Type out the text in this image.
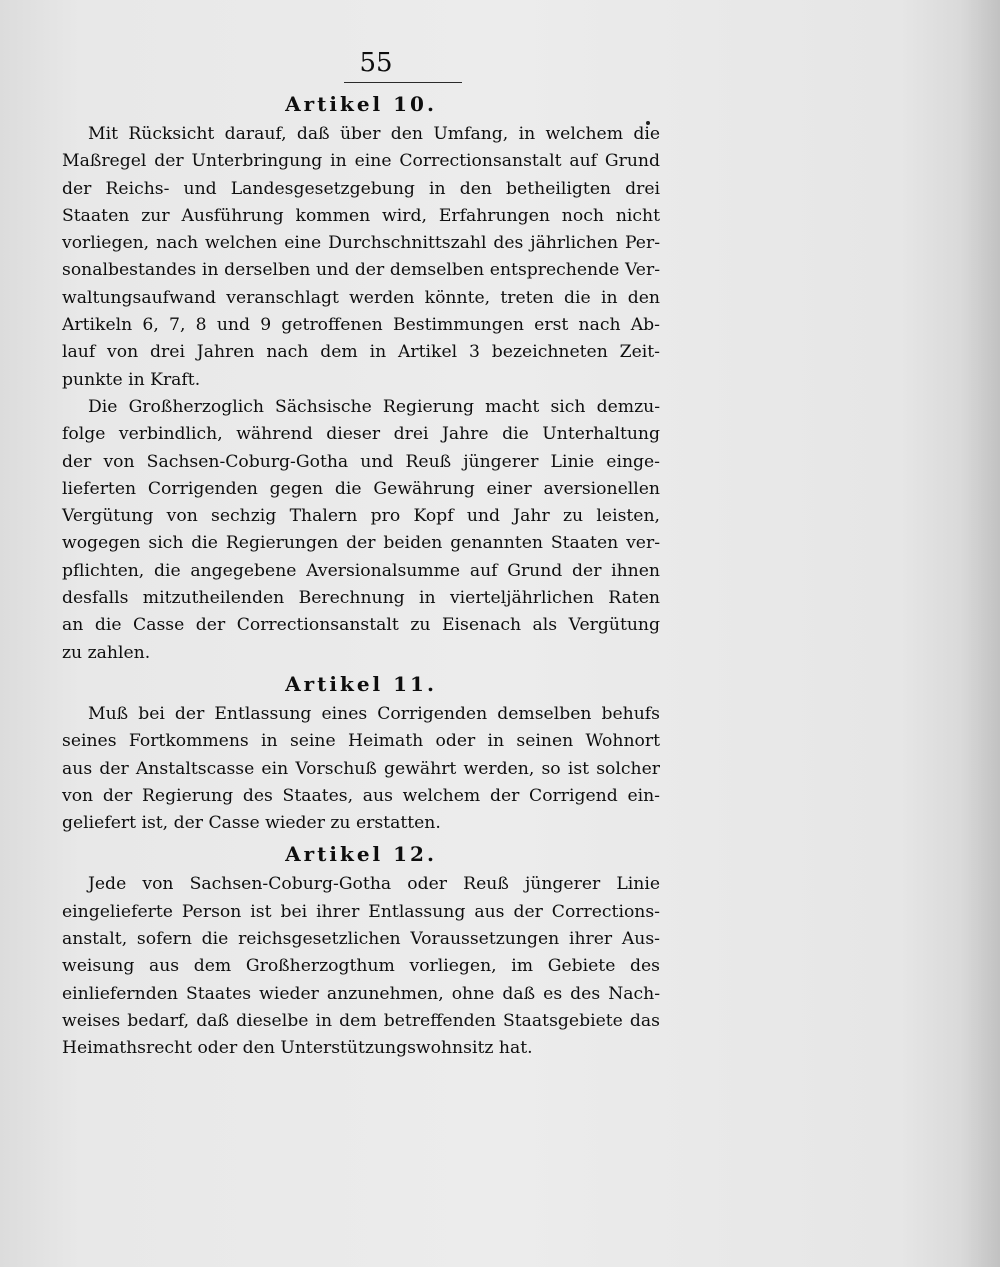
55
Artikel 10.
Mit Rücksicht darauf, daß über den Umfang, in welchem die
Maßregel der Unterbringung in eine Correctionsanstalt auf Grund
der Reichs- und Landesgesetzgebung in den betheiligten drei
Staaten zur Ausführung kommen wird, Erfahrungen noch nicht
vorliegen, nach welchen eine Durchschnittszahl des jährlichen Per-
sonalbestandes in derselben und der demselben entsprechende Ver-
waltungsaufwand veranschlagt werden könnte, treten die in den
Artikeln 6, 7, 8 und 9 getroffenen Bestimmungen erst nach Ab-
lauf von drei Jahren nach dem in Artikel 3 bezeichneten Zeit-
punkte in Kraft.
Die Großherzoglich Sächsische Regierung macht sich demzu-
folge verbindlich, während dieser drei Jahre die Unterhaltung
der von Sachsen-Coburg-Gotha und Reuß jüngerer Linie einge-
lieferten Corrigenden gegen die Gewährung einer aversionellen
Vergütung von sechzig Thalern pro Kopf und Jahr zu leisten,
wogegen sich die Regierungen der beiden genannten Staaten ver-
pflichten, die angegebene Aversionalsumme auf Grund der ihnen
desfalls mitzutheilenden Berechnung in vierteljährlichen Raten
an die Casse der Correctionsanstalt zu Eisenach als Vergütung
zu zahlen.
Artikel 11.
Muß bei der Entlassung eines Corrigenden demselben behufs
seines Fortkommens in seine Heimath oder in seinen Wohnort
aus der Anstaltscasse ein Vorschuß gewährt werden, so ist solcher
von der Regierung des Staates, aus welchem der Corrigend ein-
geliefert ist, der Casse wieder zu erstatten.
Artikel 12.
Jede von Sachsen-Coburg-Gotha oder Reuß jüngerer Linie
eingelieferte Person ist bei ihrer Entlassung aus der Corrections-
anstalt, sofern die reichsgesetzlichen Voraussetzungen ihrer Aus-
weisung aus dem Großherzogthum vorliegen, im Gebiete des
einliefernden Staates wieder anzunehmen, ohne daß es des Nach-
weises bedarf, daß dieselbe in dem betreffenden Staatsgebiete das
Heimathsrecht oder den Unterstützungswohnsitz hat.
